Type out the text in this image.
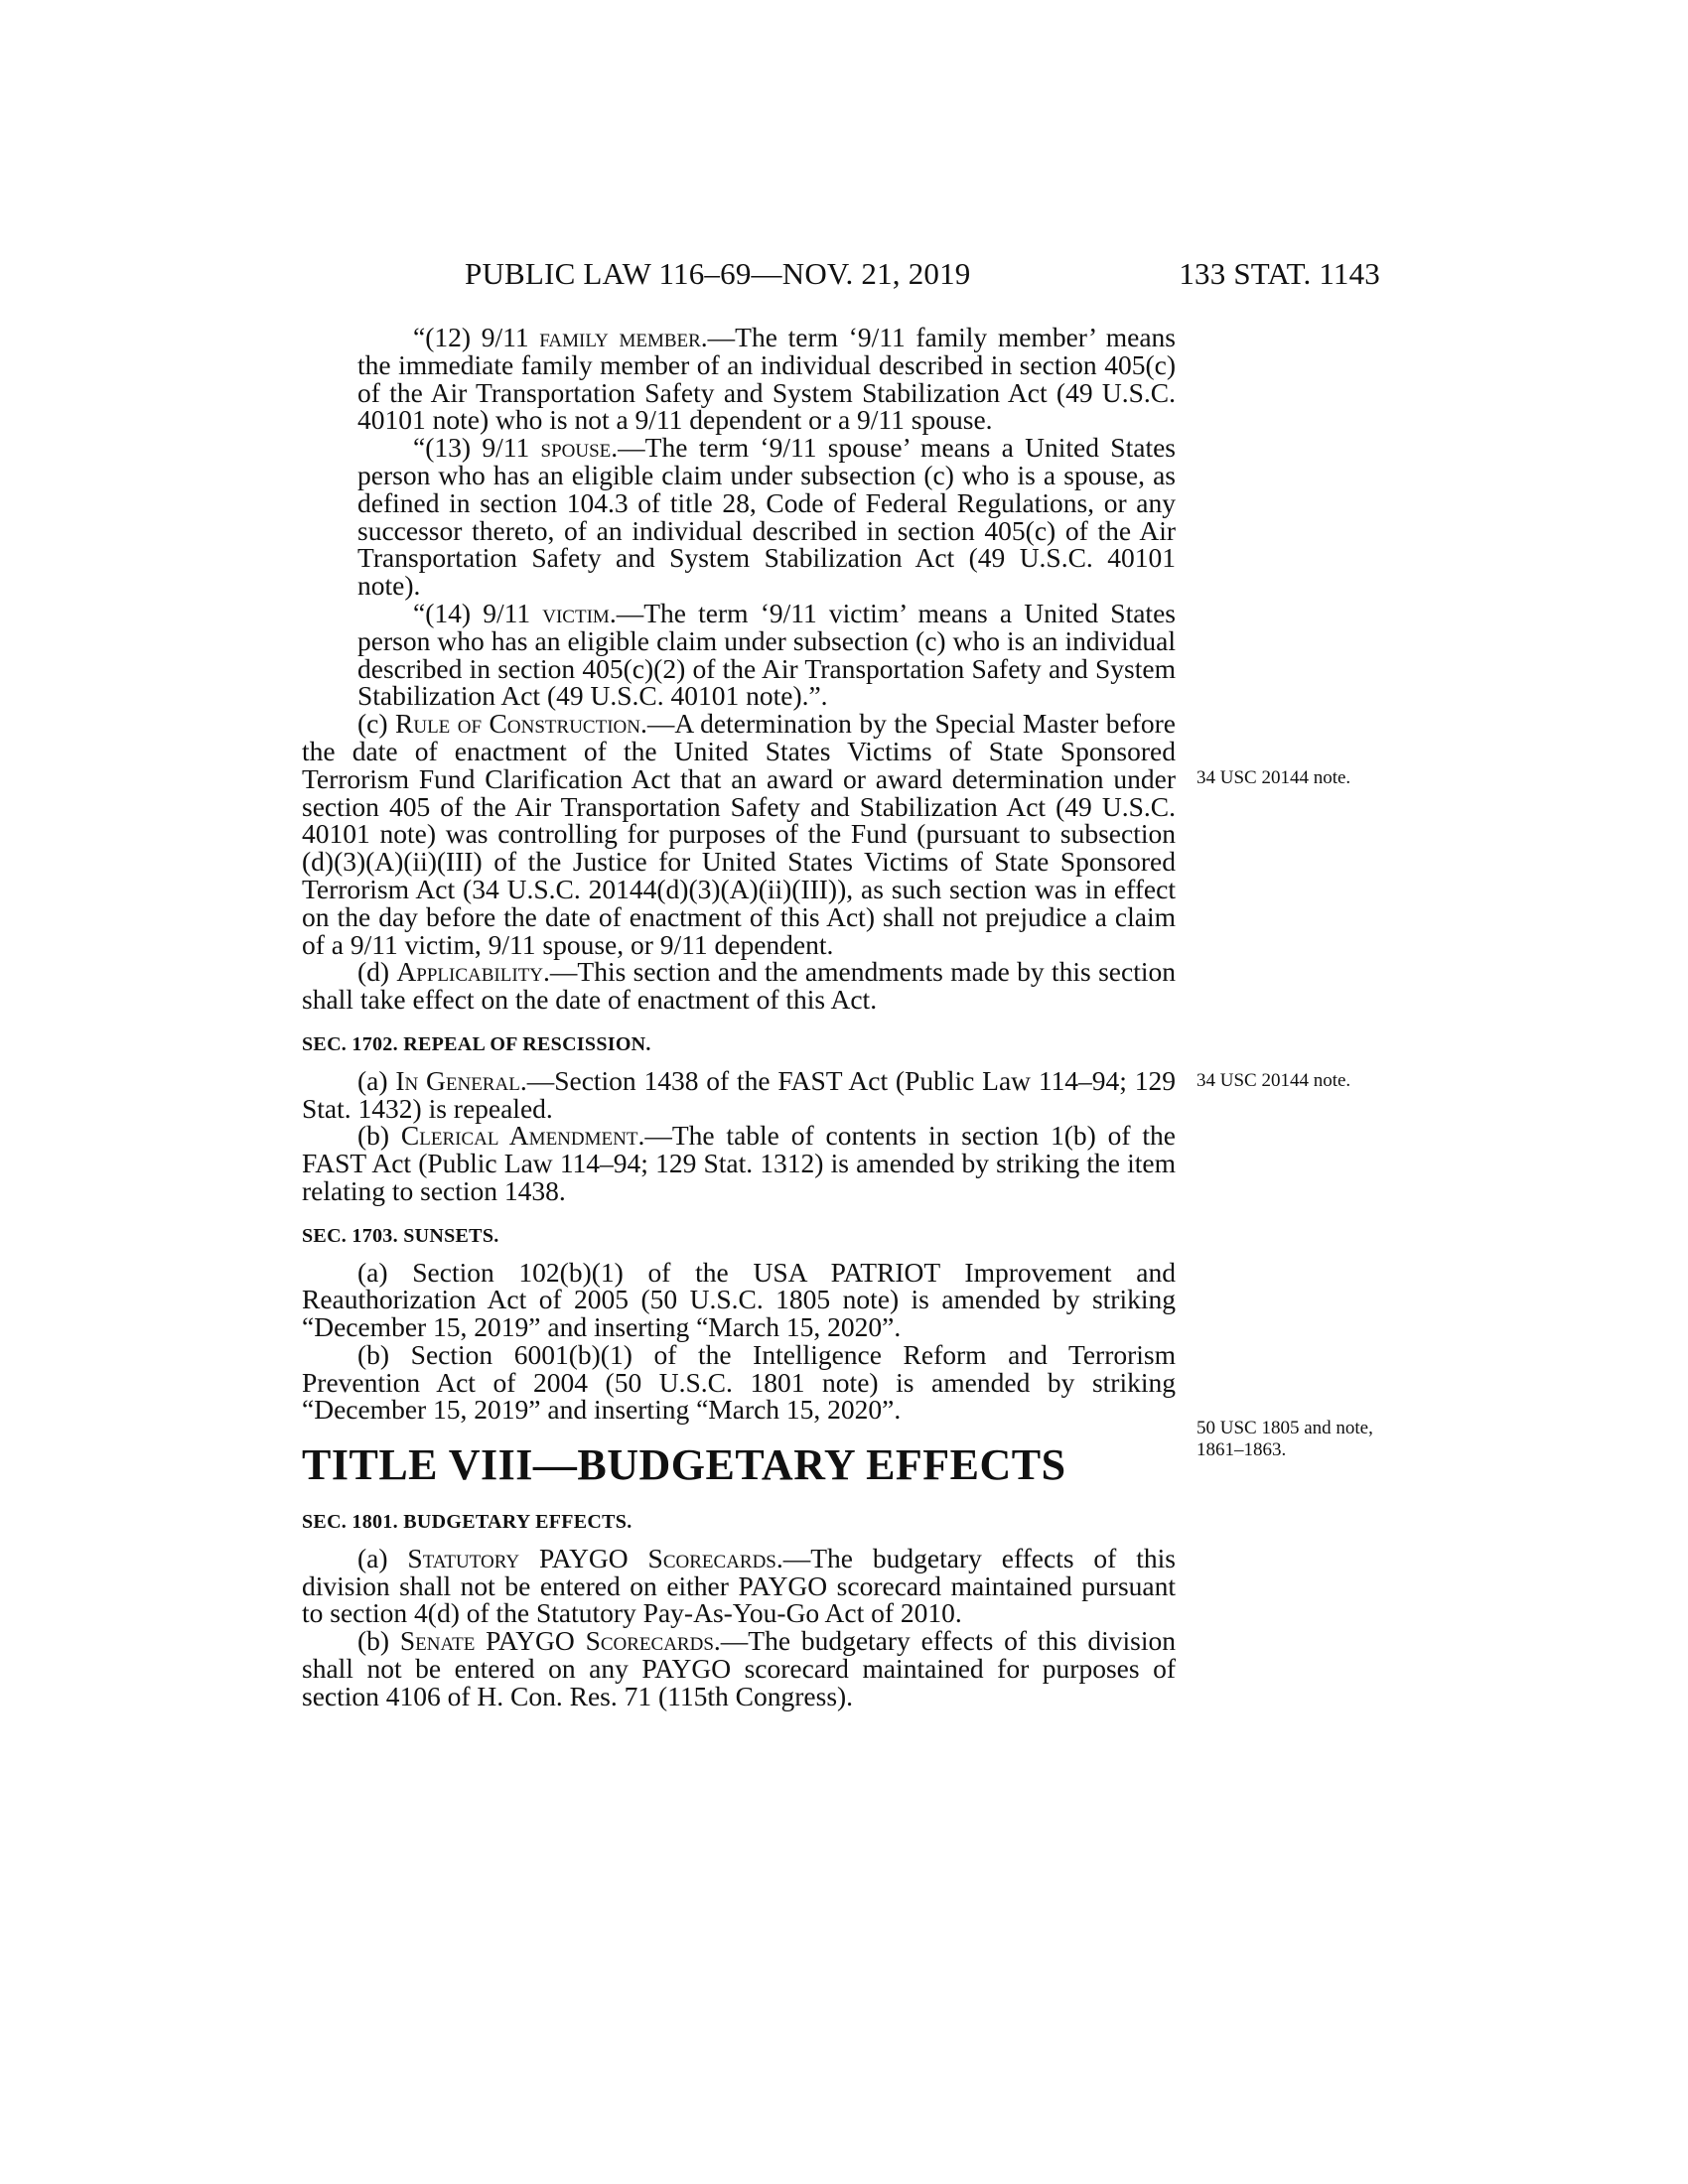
PUBLIC LAW 116–69—NOV. 21, 2019	133 STAT. 1143

“(12) 9/11 family member.—The term ‘9/11 family member’ means the immediate family member of an individual described in section 405(c) of the Air Transportation Safety and System Stabilization Act (49 U.S.C. 40101 note) who is not a 9/11 dependent or a 9/11 spouse.

“(13) 9/11 spouse.—The term ‘9/11 spouse’ means a United States person who has an eligible claim under subsection (c) who is a spouse, as defined in section 104.3 of title 28, Code of Federal Regulations, or any successor thereto, of an individual described in section 405(c) of the Air Transportation Safety and System Stabilization Act (49 U.S.C. 40101 note).

“(14) 9/11 victim.—The term ‘9/11 victim’ means a United States person who has an eligible claim under subsection (c) who is an individual described in section 405(c)(2) of the Air Transportation Safety and System Stabilization Act (49 U.S.C. 40101 note).”.

(c) Rule of Construction.—A determination by the Special Master before the date of enactment of the United States Victims of State Sponsored Terrorism Fund Clarification Act that an award or award determination under section 405 of the Air Transportation Safety and Stabilization Act (49 U.S.C. 40101 note) was controlling for purposes of the Fund (pursuant to subsection (d)(3)(A)(ii)(III) of the Justice for United States Victims of State Sponsored Terrorism Act (34 U.S.C. 20144(d)(3)(A)(ii)(III)), as such section was in effect on the day before the date of enactment of this Act) shall not prejudice a claim of a 9/11 victim, 9/11 spouse, or 9/11 dependent.

(d) Applicability.—This section and the amendments made by this section shall take effect on the date of enactment of this Act.

SEC. 1702. REPEAL OF RESCISSION.

(a) In General.—Section 1438 of the FAST Act (Public Law 114–94; 129 Stat. 1432) is repealed.

(b) Clerical Amendment.—The table of contents in section 1(b) of the FAST Act (Public Law 114–94; 129 Stat. 1312) is amended by striking the item relating to section 1438.

SEC. 1703. SUNSETS.

(a) Section 102(b)(1) of the USA PATRIOT Improvement and Reauthorization Act of 2005 (50 U.S.C. 1805 note) is amended by striking “December 15, 2019” and inserting “March 15, 2020”.

(b) Section 6001(b)(1) of the Intelligence Reform and Terrorism Prevention Act of 2004 (50 U.S.C. 1801 note) is amended by striking “December 15, 2019” and inserting “March 15, 2020”.

TITLE VIII—BUDGETARY EFFECTS

SEC. 1801. BUDGETARY EFFECTS.

(a) Statutory PAYGO Scorecards.—The budgetary effects of this division shall not be entered on either PAYGO scorecard maintained pursuant to section 4(d) of the Statutory Pay-As-You-Go Act of 2010.

(b) Senate PAYGO Scorecards.—The budgetary effects of this division shall not be entered on any PAYGO scorecard maintained for purposes of section 4106 of H. Con. Res. 71 (115th Congress).

34 USC 20144 note.
34 USC 20144 note.
50 USC 1805 and note, 1861–1863.
